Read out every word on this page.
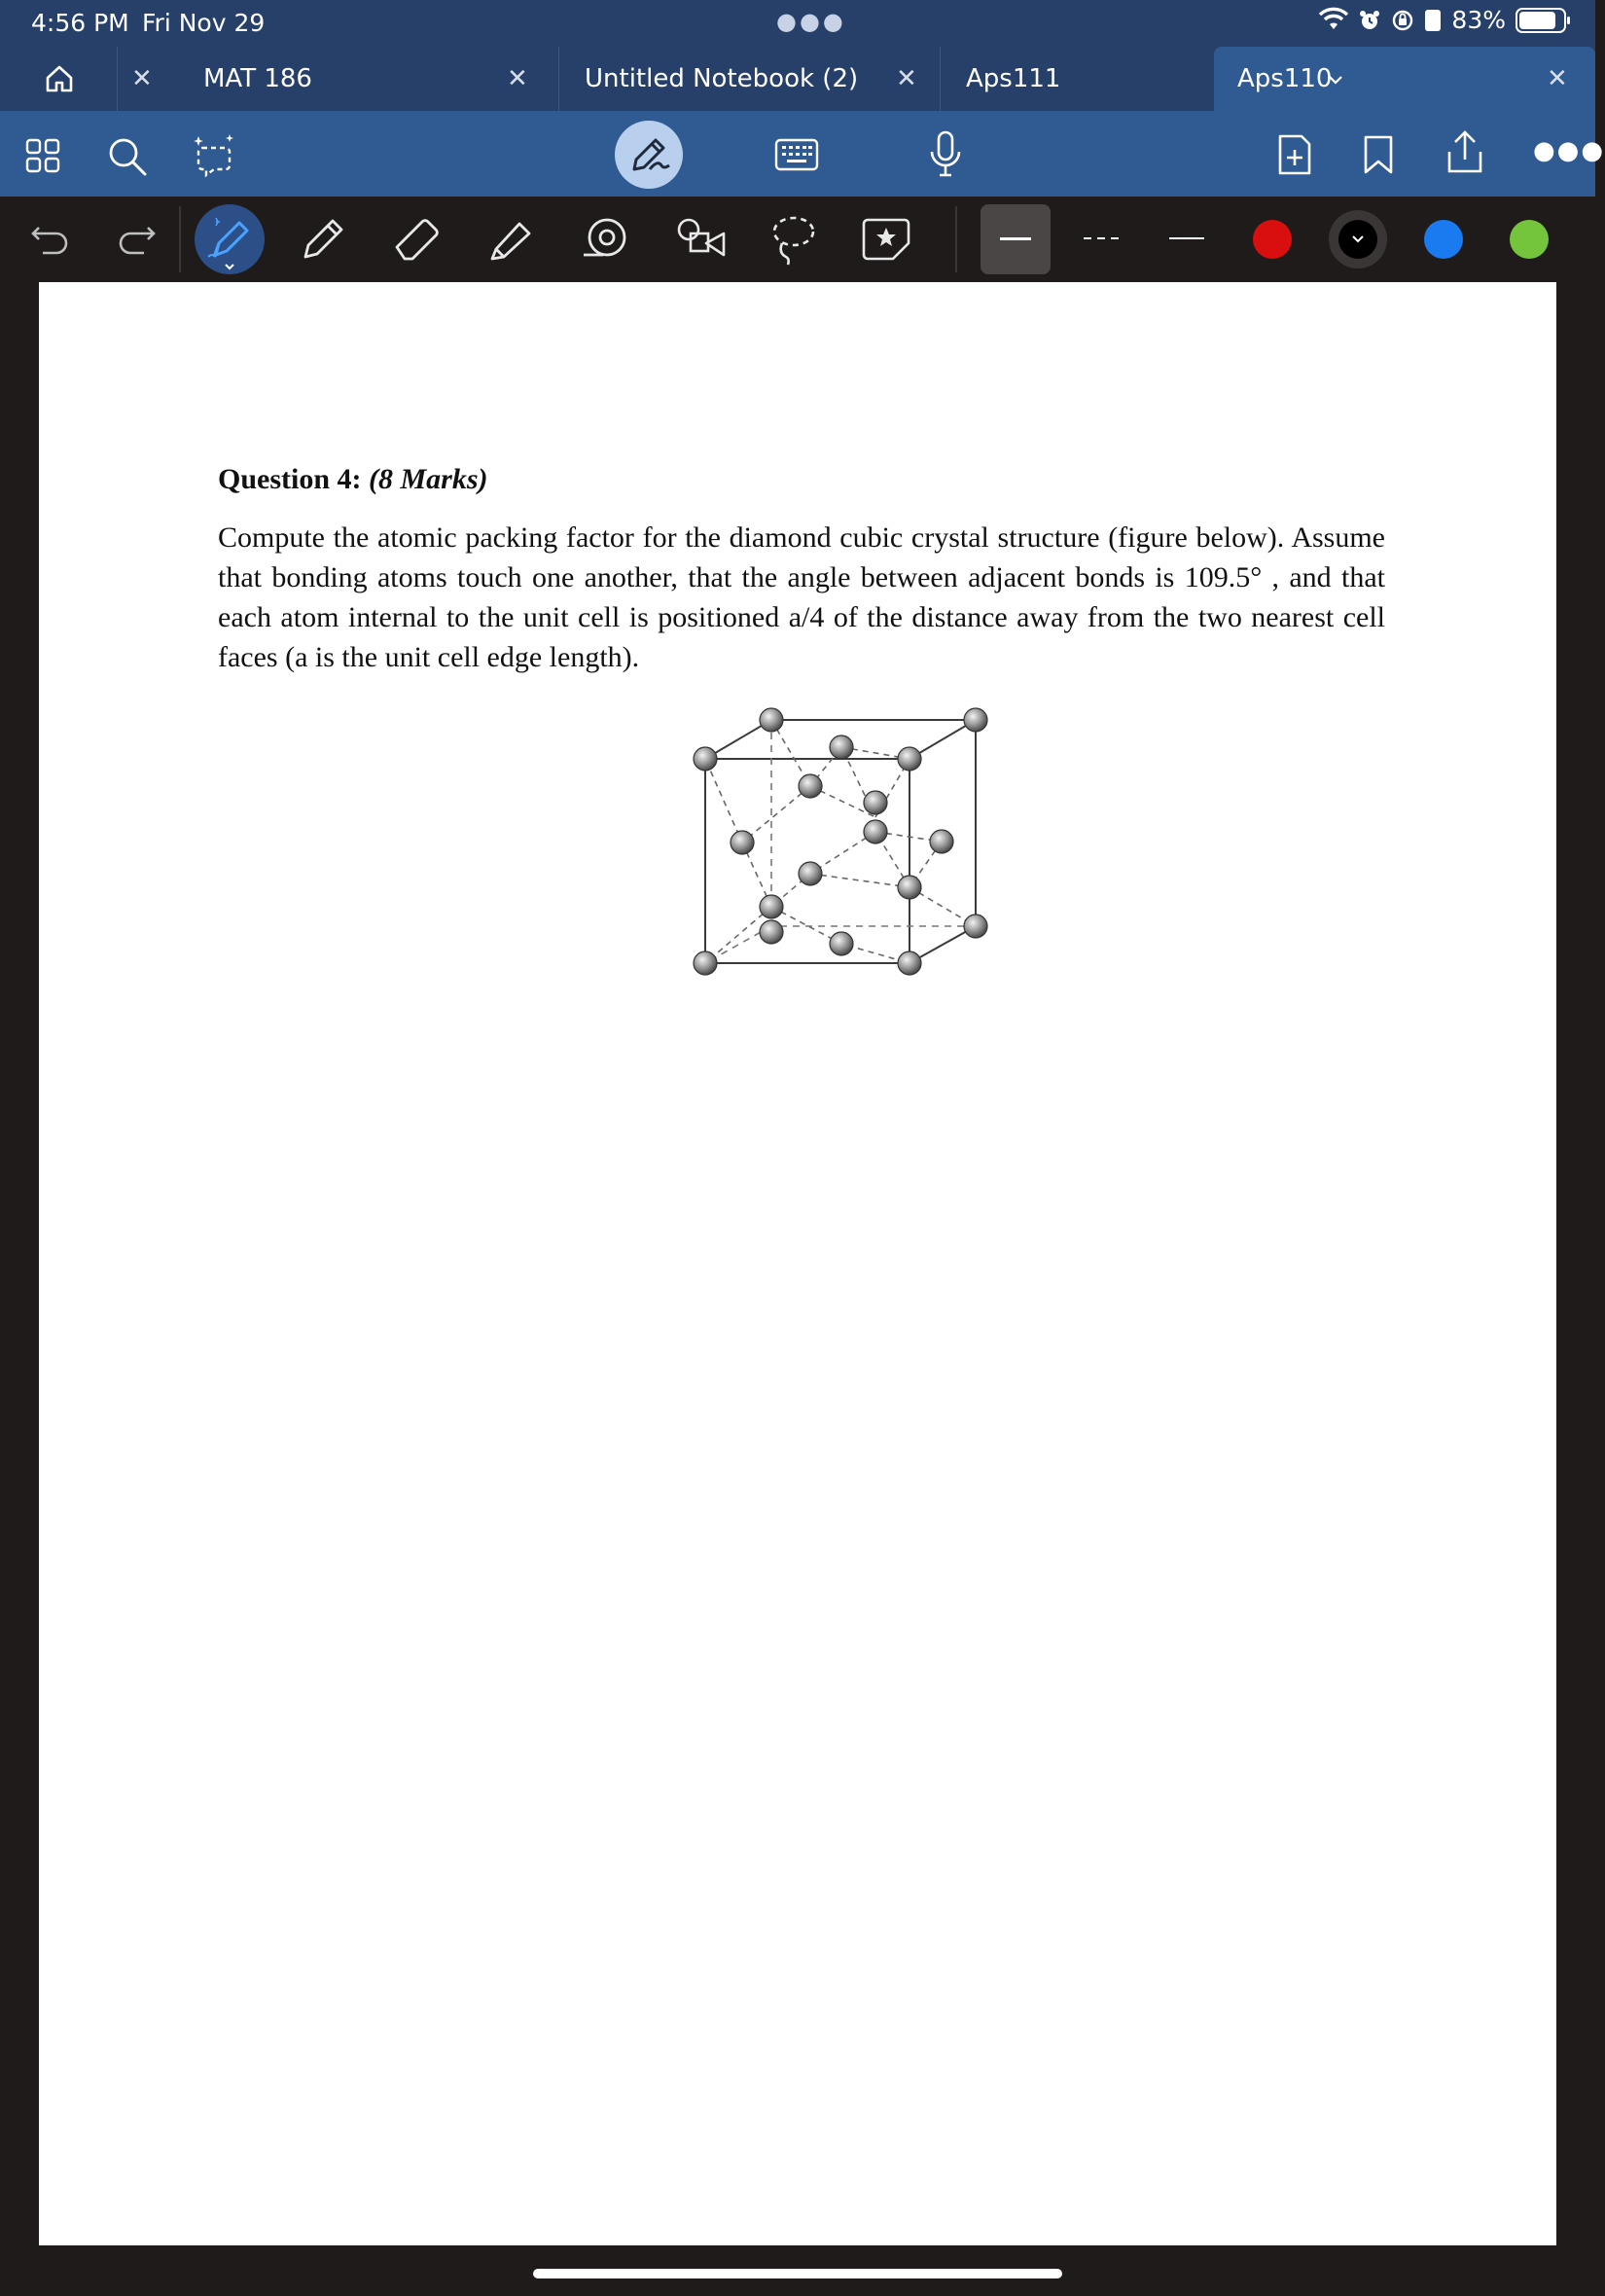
4:56 PM Fri Nov 29	●●●	83%
✕ MAT 186	✕ Untitled Notebook (2) ✕ Aps111	Aps110	✕
●●●
Question 4: (8 Marks)
Compute the atomic packing factor for the diamond cubic crystal structure (figure below). Assume that bonding atoms touch one another, that the angle between adjacent bonds is 109.5° , and that each atom internal to the unit cell is positioned a/4 of the distance away from the two nearest cell faces (a is the unit cell edge length).
